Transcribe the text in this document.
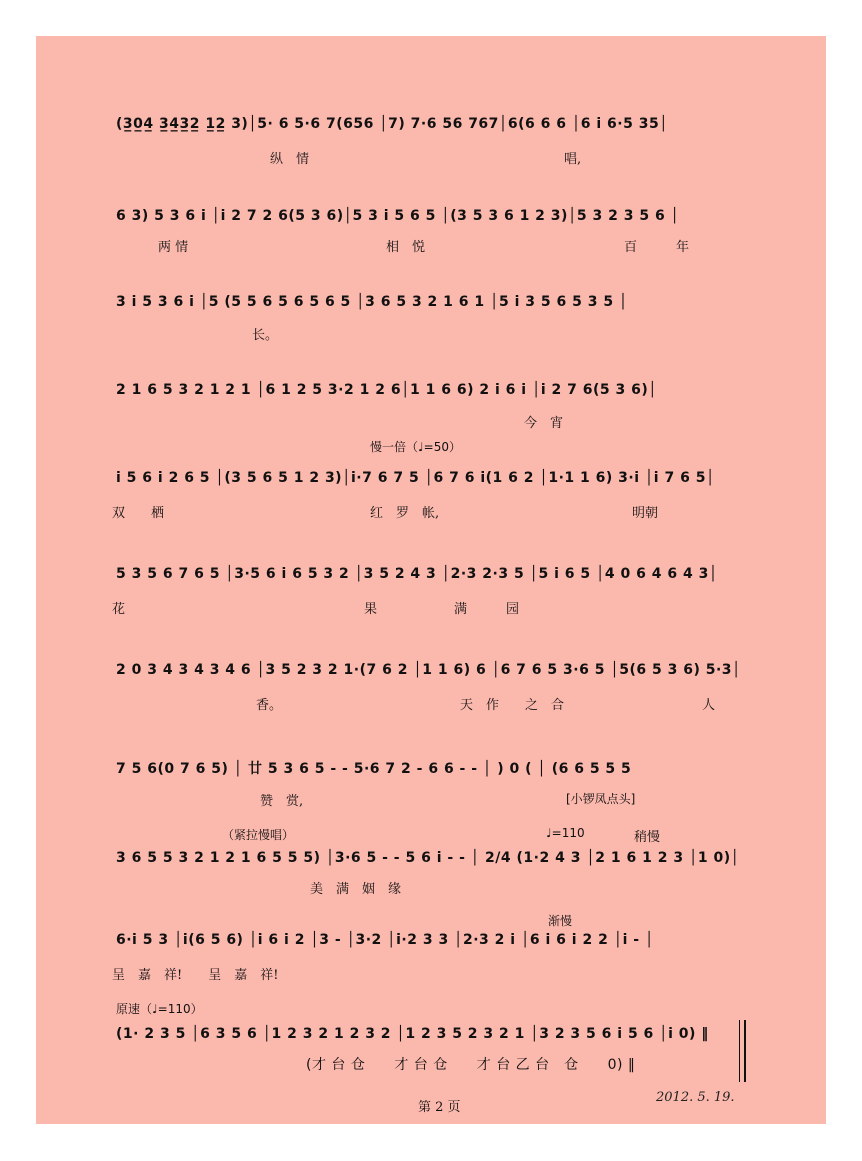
(3̲0̲4̲ 3̲4̲3̲2̲ 1̲2̲ 3)│5· 6 5·6 7(656 │7) 7·6 56 767│6(6 6 6 │6 i 6·5 35│
纵　情	唱,
6 3) 5 3 6 i │i 2 7 2 6(5 3 6)│5 3 i 5 6 5 │(3 5 3 6 1 2 3)│5 3 2 3 5 6 │
两 情	相　悦	百　　　年
3 i 5 3 6 i │5 (5 5 6 5 6 5 6 5 │3 6 5 3 2 1 6 1 │5 i 3 5 6 5 3 5 │
长。
2 1 6 5 3 2 1 2 1 │6 1 2 5 3·2 1 2 6│1 1 6 6) 2 i 6 i │i 2 7 6(5 3 6)│
今　宵
慢一倍（♩=50）
i 5 6 i 2 6 5 │(3 5 6 5 1 2 3)│i·7 6 7 5 │6 7 6 i(1 6 2 │1·1 1 6) 3·i │i 7 6 5│
双　　栖	红　罗　帐,	明朝
5 3 5 6 7 6 5 │3·5 6 i 6 5 3 2 │3 5 2 4 3 │2·3 2·3 5 │5 i 6 5 │4 0 6 4 6 4 3│
花	果	满　　　园
2 0 3 4 3 4 3 4 6 │3 5 2 3 2 1·(7 6 2 │1 1 6) 6 │6 7 6 5 3·6 5 │5(6 5 3 6) 5·3│
香。	天　作　　之　合	人
7 5 6(0 7 6 5) │ 廿 5 3 6 5 - - 5·6 7 2 - 6 6 - - │ ) 0 ( │ (6 6 5 5 5
赞　赏,	[小锣凤点头]
（紧拉慢唱）	♩=110	稍慢
3 6 5 5 3 2 1 2 1 6 5 5 5) │3·6 5 - - 5 6 i - - │ 2/4 (1·2 4 3 │2 1 6 1 2 3 │1 0)│
美　满　姻　缘
渐慢
6·i 5 3 │i(6 5 6) │i 6 i 2 │3 - │3·2 │i·2 3 3 │2·3 2 i │6 i 6 i 2 2 │i - │
呈　嘉　祥!　　呈　嘉　祥!
原速（♩=110）
(1· 2 3 5 │6 3 5 6 │1 2 3 2 1 2 3 2 │1 2 3 5 2 3 2 1 │3 2 3 5 6 i 5 6 │i 0) ‖
(才 台 仓　　才 台 仓　　才 台 乙 台　仓　　0) ‖
第 2 页
2012. 5. 19.
